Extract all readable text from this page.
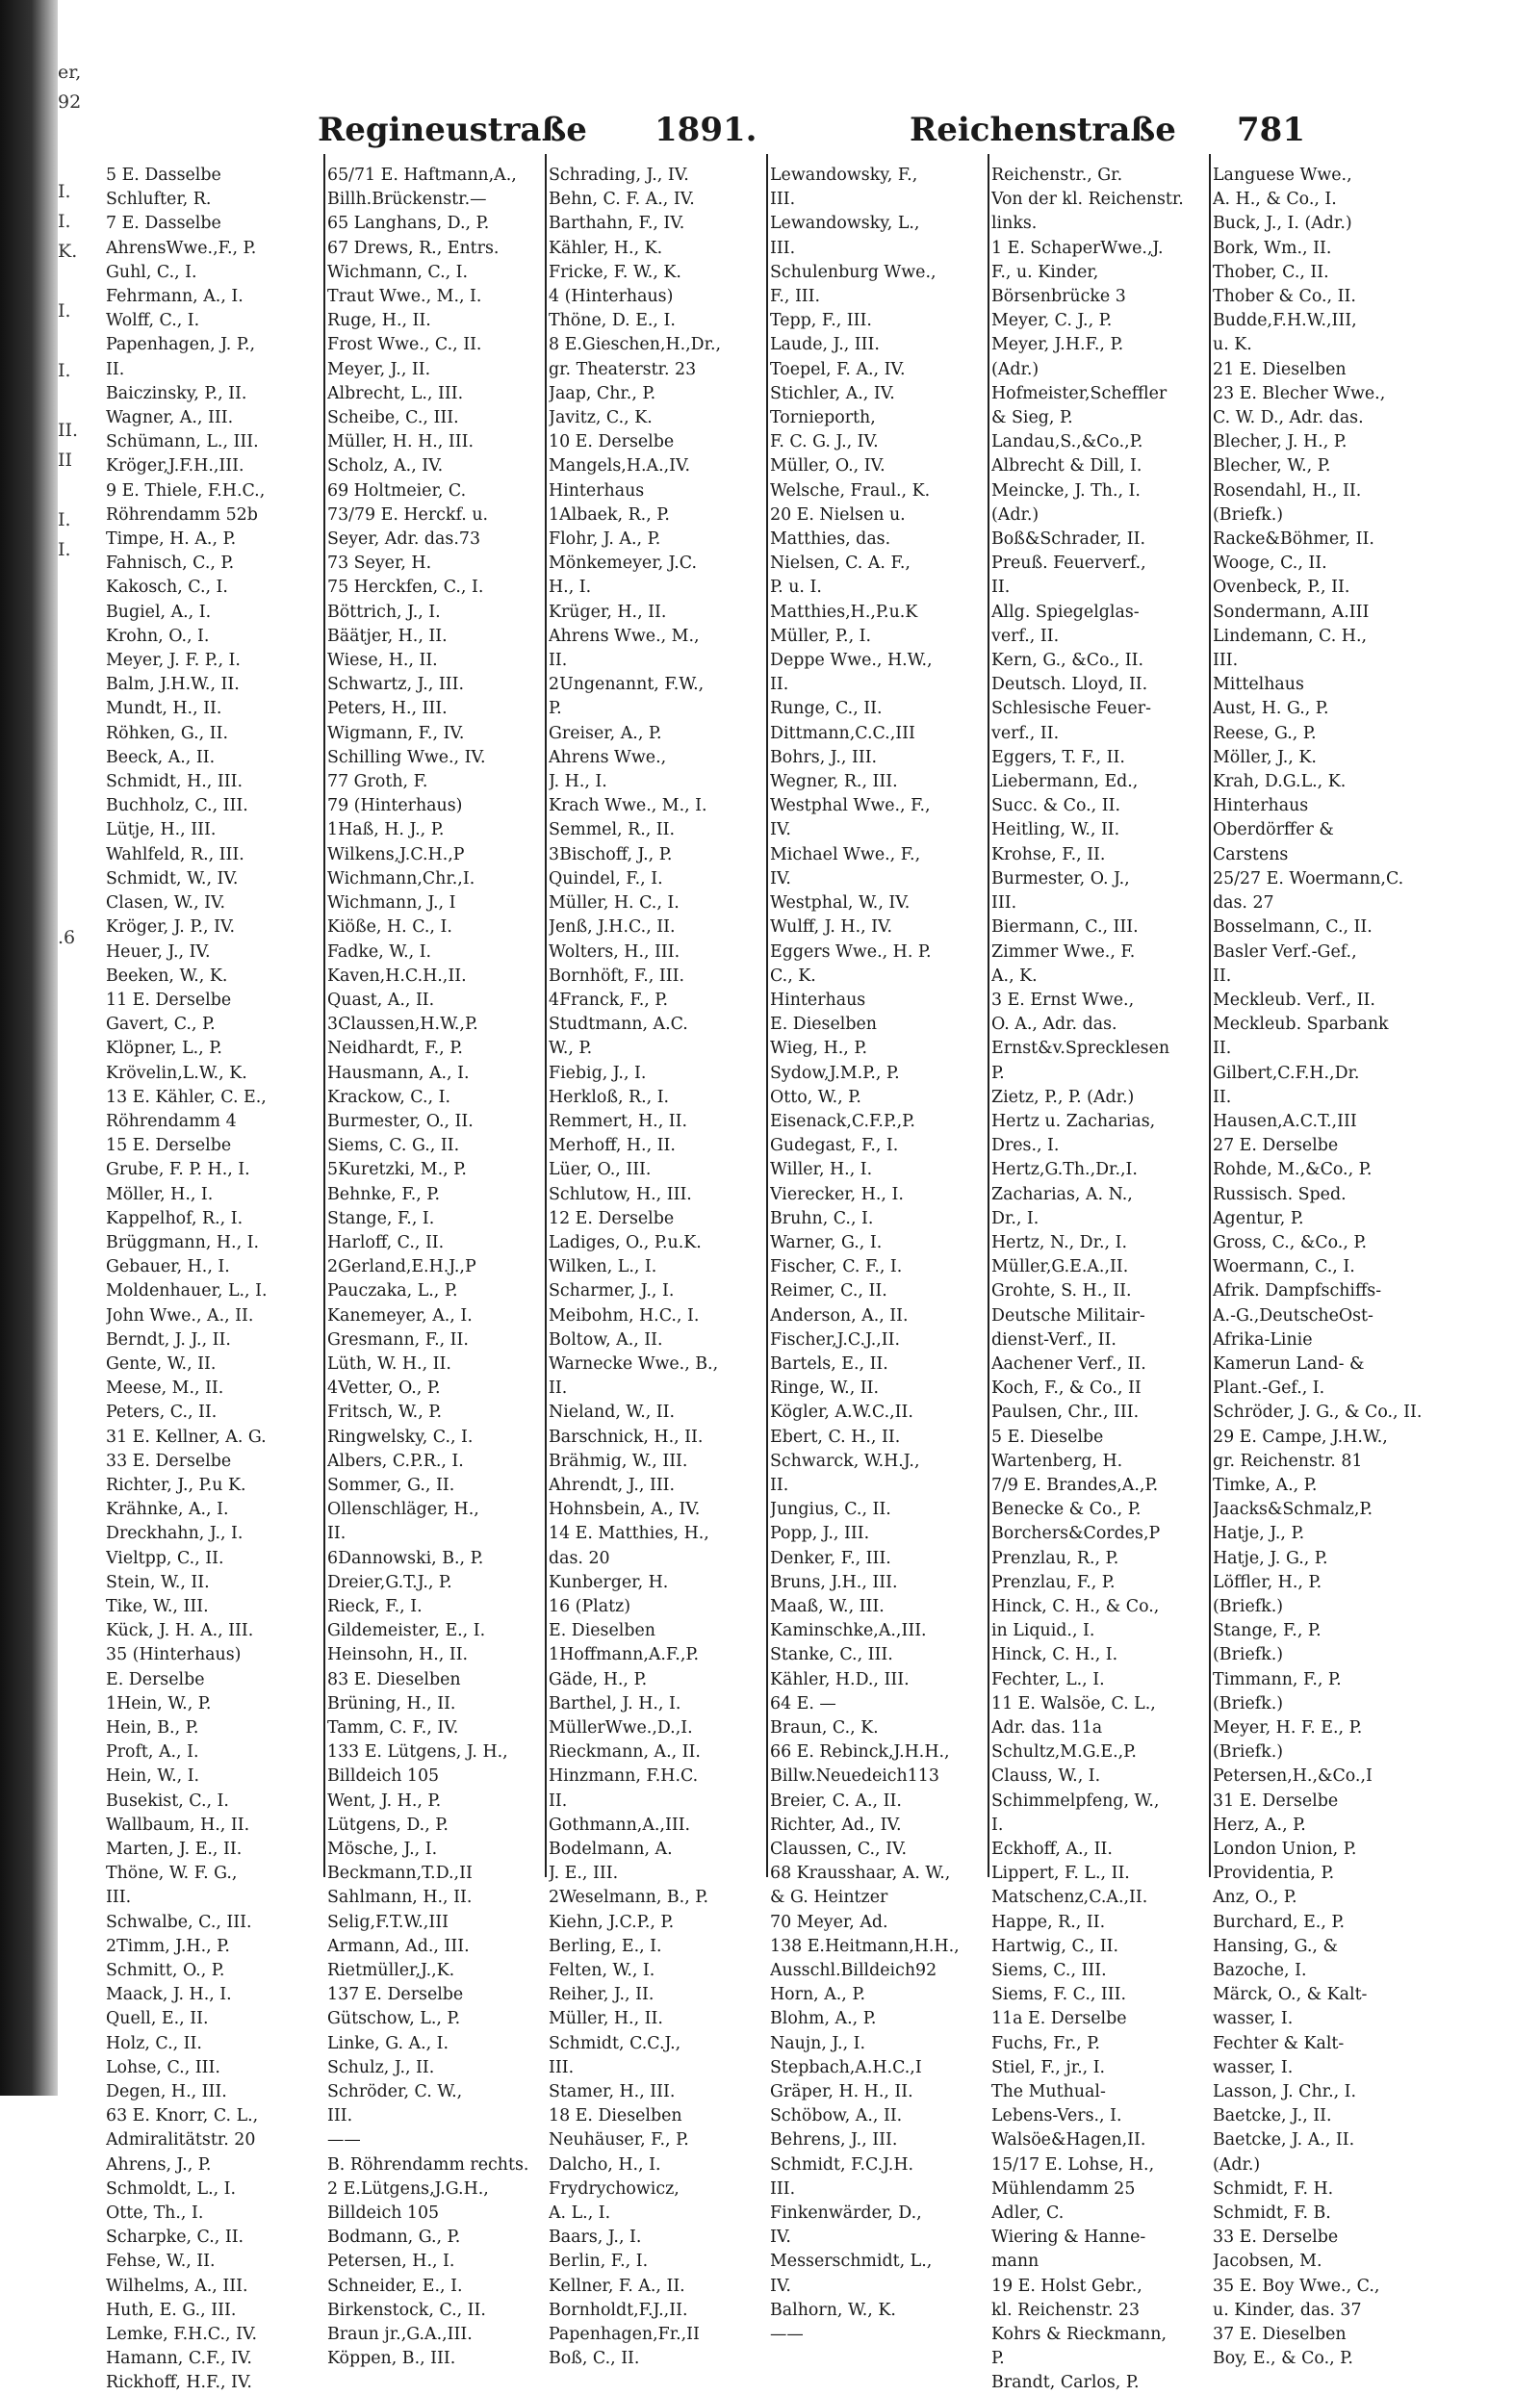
er,
92

I.
I.
K.

I.

I.

II.
II

I.
I.

.6
Regineustraße 1891.	Reichenstraße 781
5 E. Dasselbe
Schlufter, R.
7 E. Dasselbe
AhrensWwe.,F., P.
Guhl, C., I.
Fehrmann, A., I.
Wolff, C., I.
Papenhagen, J. P.,
II.
Baiczinsky, P., II.
Wagner, A., III.
Schümann, L., III.
Kröger,J.F.H.,III.
9 E. Thiele, F.H.C.,
Röhrendamm 52b
Timpe, H. A., P.
Fahnisch, C., P.
Kakosch, C., I.
Bugiel, A., I.
Krohn, O., I.
Meyer, J. F. P., I.
Balm, J.H.W., II.
Mundt, H., II.
Röhken, G., II.
Beeck, A., II.
Schmidt, H., III.
Buchholz, C., III.
Lütje, H., III.
Wahlfeld, R., III.
Schmidt, W., IV.
Clasen, W., IV.
Kröger, J. P., IV.
Heuer, J., IV.
Beeken, W., K.
11 E. Derselbe
Gavert, C., P.
Klöpner, L., P.
Krövelin,L.W., K.
13 E. Kähler, C. E.,
Röhrendamm 4
15 E. Derselbe
Grube, F. P. H., I.
Möller, H., I.
Kappelhof, R., I.
Brüggmann, H., I.
Gebauer, H., I.
Moldenhauer, L., I.
John Wwe., A., II.
Berndt, J. J., II.
Gente, W., II.
Meese, M., II.
Peters, C., II.
31 E. Kellner, A. G.
33 E. Derselbe
Richter, J., P.u K.
Krähnke, A., I.
Dreckhahn, J., I.
Vieltpp, C., II.
Stein, W., II.
Tike, W., III.
Kück, J. H. A., III.
35 (Hinterhaus)
E. Derselbe
1Hein, W., P.
Hein, B., P.
Proft, A., I.
Hein, W., I.
Busekist, C., I.
Wallbaum, H., II.
Marten, J. E., II.
Thöne, W. F. G.,
III.
Schwalbe, C., III.
2Timm, J.H., P.
Schmitt, O., P.
Maack, J. H., I.
Quell, E., II.
Holz, C., II.
Lohse, C., III.
Degen, H., III.
63 E. Knorr, C. L.,
Admiralitätstr. 20
Ahrens, J., P.
Schmoldt, L., I.
Otte, Th., I.
Scharpke, C., II.
Fehse, W., II.
Wilhelms, A., III.
Huth, E. G., III.
Lemke, F.H.C., IV.
Hamann, C.F., IV.
Rickhoff, H.F., IV.
65/71 E. Haftmann,A.,
Billh.Brückenstr.—
65 Langhans, D., P.
67 Drews, R., Entrs.
Wichmann, C., I.
Traut Wwe., M., I.
Ruge, H., II.
Frost Wwe., C., II.
Meyer, J., II.
Albrecht, L., III.
Scheibe, C., III.
Müller, H. H., III.
Scholz, A., IV.
69 Holtmeier, C.
73/79 E. Herckf. u.
Seyer, Adr. das.73
73 Seyer, H.
75 Herckfen, C., I.
Böttrich, J., I.
Bäätjer, H., II.
Wiese, H., II.
Schwartz, J., III.
Peters, H., III.
Wigmann, F., IV.
Schilling Wwe., IV.
77 Groth, F.
79 (Hinterhaus)
1Haß, H. J., P.
Wilkens,J.C.H.,P
Wichmann,Chr.,I.
Wichmann, J., I
Kiöße, H. C., I.
Fadke, W., I.
Kaven,H.C.H.,II.
Quast, A., II.
3Claussen,H.W.,P.
Neidhardt, F., P.
Hausmann, A., I.
Krackow, C., I.
Burmester, O., II.
Siems, C. G., II.
5Kuretzki, M., P.
Behnke, F., P.
Stange, F., I.
Harloff, C., II.
2Gerland,E.H.J.,P
Pauczaka, L., P.
Kanemeyer, A., I.
Gresmann, F., II.
Lüth, W. H., II.
4Vetter, O., P.
Fritsch, W., P.
Ringwelsky, C., I.
Albers, C.P.R., I.
Sommer, G., II.
Ollenschläger, H.,
II.
6Dannowski, B., P.
Dreier,G.T.J., P.
Rieck, F., I.
Gildemeister, E., I.
Heinsohn, H., II.
83 E. Dieselben
Brüning, H., II.
Tamm, C. F., IV.
133 E. Lütgens, J. H.,
Billdeich 105
Went, J. H., P.
Lütgens, D., P.
Mösche, J., I.
Beckmann,T.D.,II
Sahlmann, H., II.
Selig,F.T.W.,III
Armann, Ad., III.
Rietmüller,J.,K.
137 E. Derselbe
Gütschow, L., P.
Linke, G. A., I.
Schulz, J., II.
Schröder, C. W.,
III.
——
B. Röhrendamm rechts.
2 E.Lütgens,J.G.H.,
Billdeich 105
Bodmann, G., P.
Petersen, H., I.
Schneider, E., I.
Birkenstock, C., II.
Braun jr.,G.A.,III.
Köppen, B., III.
Schrading, J., IV.
Behn, C. F. A., IV.
Barthahn, F., IV.
Kähler, H., K.
Fricke, F. W., K.
4 (Hinterhaus)
Thöne, D. E., I.
8 E.Gieschen,H.,Dr.,
gr. Theaterstr. 23
Jaap, Chr., P.
Javitz, C., K.
10 E. Derselbe
Mangels,H.A.,IV.
Hinterhaus
1Albaek, R., P.
Flohr, J. A., P.
Mönkemeyer, J.C.
H., I.
Krüger, H., II.
Ahrens Wwe., M.,
II.
2Ungenannt, F.W.,
P.
Greiser, A., P.
Ahrens Wwe.,
J. H., I.
Krach Wwe., M., I.
Semmel, R., II.
3Bischoff, J., P.
Quindel, F., I.
Müller, H. C., I.
Jenß, J.H.C., II.
Wolters, H., III.
Bornhöft, F., III.
4Franck, F., P.
Studtmann, A.C.
W., P.
Fiebig, J., I.
Herkloß, R., I.
Remmert, H., II.
Merhoff, H., II.
Lüer, O., III.
Schlutow, H., III.
12 E. Derselbe
Ladiges, O., P.u.K.
Wilken, L., I.
Scharmer, J., I.
Meibohm, H.C., I.
Boltow, A., II.
Warnecke Wwe., B.,
II.
Nieland, W., II.
Barschnick, H., II.
Brähmig, W., III.
Ahrendt, J., III.
Hohnsbein, A., IV.
14 E. Matthies, H.,
das. 20
Kunberger, H.
16 (Platz)
E. Dieselben
1Hoffmann,A.F.,P.
Gäde, H., P.
Barthel, J. H., I.
MüllerWwe.,D.,I.
Rieckmann, A., II.
Hinzmann, F.H.C.
II.
Gothmann,A.,III.
Bodelmann, A.
J. E., III.
2Weselmann, B., P.
Kiehn, J.C.P., P.
Berling, E., I.
Felten, W., I.
Reiher, J., II.
Müller, H., II.
Schmidt, C.C.J.,
III.
Stamer, H., III.
18 E. Dieselben
Neuhäuser, F., P.
Dalcho, H., I.
Frydrychowicz,
A. L., I.
Baars, J., I.
Berlin, F., I.
Kellner, F. A., II.
Bornholdt,F.J.,II.
Papenhagen,Fr.,II
Boß, C., II.
Lewandowsky, F.,
III.
Lewandowsky, L.,
III.
Schulenburg Wwe.,
F., III.
Tepp, F., III.
Laude, J., III.
Toepel, F. A., IV.
Stichler, A., IV.
Tornieporth,
F. C. G. J., IV.
Müller, O., IV.
Welsche, Fraul., K.
20 E. Nielsen u.
Matthies, das.
Nielsen, C. A. F.,
P. u. I.
Matthies,H.,P.u.K
Müller, P., I.
Deppe Wwe., H.W.,
II.
Runge, C., II.
Dittmann,C.C.,III
Bohrs, J., III.
Wegner, R., III.
Westphal Wwe., F.,
IV.
Michael Wwe., F.,
IV.
Westphal, W., IV.
Wulff, J. H., IV.
Eggers Wwe., H. P.
C., K.
Hinterhaus
E. Dieselben
Wieg, H., P.
Sydow,J.M.P., P.
Otto, W., P.
Eisenack,C.F.P.,P.
Gudegast, F., I.
Willer, H., I.
Vierecker, H., I.
Bruhn, C., I.
Warner, G., I.
Fischer, C. F., I.
Reimer, C., II.
Anderson, A., II.
Fischer,J.C.J.,II.
Bartels, E., II.
Ringe, W., II.
Kögler, A.W.C.,II.
Ebert, C. H., II.
Schwarck, W.H.J.,
II.
Jungius, C., II.
Popp, J., III.
Denker, F., III.
Bruns, J.H., III.
Maaß, W., III.
Kaminschke,A.,III.
Stanke, C., III.
Kähler, H.D., III.
64 E. —
Braun, C., K.
66 E. Rebinck,J.H.H.,
Billw.Neuedeich113
Breier, C. A., II.
Richter, Ad., IV.
Claussen, C., IV.
68 Krausshaar, A. W.,
& G. Heintzer
70 Meyer, Ad.
138 E.Heitmann,H.H.,
Ausschl.Billdeich92
Horn, A., P.
Blohm, A., P.
Naujn, J., I.
Stepbach,A.H.C.,I
Gräper, H. H., II.
Schöbow, A., II.
Behrens, J., III.
Schmidt, F.C.J.H.
III.
Finkenwärder, D.,
IV.
Messerschmidt, L.,
IV.
Balhorn, W., K.
——
Reichenstr., Gr.
Von der kl. Reichenstr.
links.
1 E. SchaperWwe.,J.
F., u. Kinder,
Börsenbrücke 3
Meyer, C. J., P.
Meyer, J.H.F., P.
(Adr.)
Hofmeister,Scheffler
& Sieg, P.
Landau,S.,&Co.,P.
Albrecht & Dill, I.
Meincke, J. Th., I.
(Adr.)
Boß&Schrader, II.
Preuß. Feuerverf.,
II.
Allg. Spiegelglas-
verf., II.
Kern, G., &Co., II.
Deutsch. Lloyd, II.
Schlesische Feuer-
verf., II.
Eggers, T. F., II.
Liebermann, Ed.,
Succ. & Co., II.
Heitling, W., II.
Krohse, F., II.
Burmester, O. J.,
III.
Biermann, C., III.
Zimmer Wwe., F.
A., K.
3 E. Ernst Wwe.,
O. A., Adr. das.
Ernst&v.Sprecklesen
P.
Zietz, P., P. (Adr.)
Hertz u. Zacharias,
Dres., I.
Hertz,G.Th.,Dr.,I.
Zacharias, A. N.,
Dr., I.
Hertz, N., Dr., I.
Müller,G.E.A.,II.
Grohte, S. H., II.
Deutsche Militair-
dienst-Verf., II.
Aachener Verf., II.
Koch, F., & Co., II
Paulsen, Chr., III.
5 E. Dieselbe
Wartenberg, H.
7/9 E. Brandes,A.,P.
Benecke & Co., P.
Borchers&Cordes,P
Prenzlau, R., P.
Prenzlau, F., P.
Hinck, C. H., & Co.,
in Liquid., I.
Hinck, C. H., I.
Fechter, L., I.
11 E. Walsöe, C. L.,
Adr. das. 11a
Schultz,M.G.E.,P.
Clauss, W., I.
Schimmelpfeng, W.,
I.
Eckhoff, A., II.
Lippert, F. L., II.
Matschenz,C.A.,II.
Happe, R., II.
Hartwig, C., II.
Siems, C., III.
Siems, F. C., III.
11a E. Derselbe
Fuchs, Fr., P.
Stiel, F., jr., I.
The Muthual-
Lebens-Vers., I.
Walsöe&Hagen,II.
15/17 E. Lohse, H.,
Mühlendamm 25
Adler, C.
Wiering & Hanne-
mann
19 E. Holst Gebr.,
kl. Reichenstr. 23
Kohrs & Rieckmann,
P.
Brandt, Carlos, P.
Languese Wwe.,
A. H., & Co., I.
Buck, J., I. (Adr.)
Bork, Wm., II.
Thober, C., II.
Thober & Co., II.
Budde,F.H.W.,III,
u. K.
21 E. Dieselben
23 E. Blecher Wwe.,
C. W. D., Adr. das.
Blecher, J. H., P.
Blecher, W., P.
Rosendahl, H., II.
(Briefk.)
Racke&Böhmer, II.
Wooge, C., II.
Ovenbeck, P., II.
Sondermann, A.III
Lindemann, C. H.,
III.
Mittelhaus
Aust, H. G., P.
Reese, G., P.
Möller, J., K.
Krah, D.G.L., K.
Hinterhaus
Oberdörffer &
Carstens
25/27 E. Woermann,C.
das. 27
Bosselmann, C., II.
Basler Verf.-Gef.,
II.
Meckleub. Verf., II.
Meckleub. Sparbank
II.
Gilbert,C.F.H.,Dr.
II.
Hausen,A.C.T.,III
27 E. Derselbe
Rohde, M.,&Co., P.
Russisch. Sped.
Agentur, P.
Gross, C., &Co., P.
Woermann, C., I.
Afrik. Dampfschiffs-
A.-G.,DeutscheOst-
Afrika-Linie
Kamerun Land- &
Plant.-Gef., I.
Schröder, J. G., & Co., II.
29 E. Campe, J.H.W.,
gr. Reichenstr. 81
Timke, A., P.
Jaacks&Schmalz,P.
Hatje, J., P.
Hatje, J. G., P.
Löffler, H., P.
(Briefk.)
Stange, F., P.
(Briefk.)
Timmann, F., P.
(Briefk.)
Meyer, H. F. E., P.
(Briefk.)
Petersen,H.,&Co.,I
31 E. Derselbe
Herz, A., P.
London Union, P.
Providentia, P.
Anz, O., P.
Burchard, E., P.
Hansing, G., &
Bazoche, I.
Märck, O., & Kalt-
wasser, I.
Fechter & Kalt-
wasser, I.
Lasson, J. Chr., I.
Baetcke, J., II.
Baetcke, J. A., II.
(Adr.)
Schmidt, F. H.
Schmidt, F. B.
33 E. Derselbe
Jacobsen, M.
35 E. Boy Wwe., C.,
u. Kinder, das. 37
37 E. Dieselben
Boy, E., & Co., P.
